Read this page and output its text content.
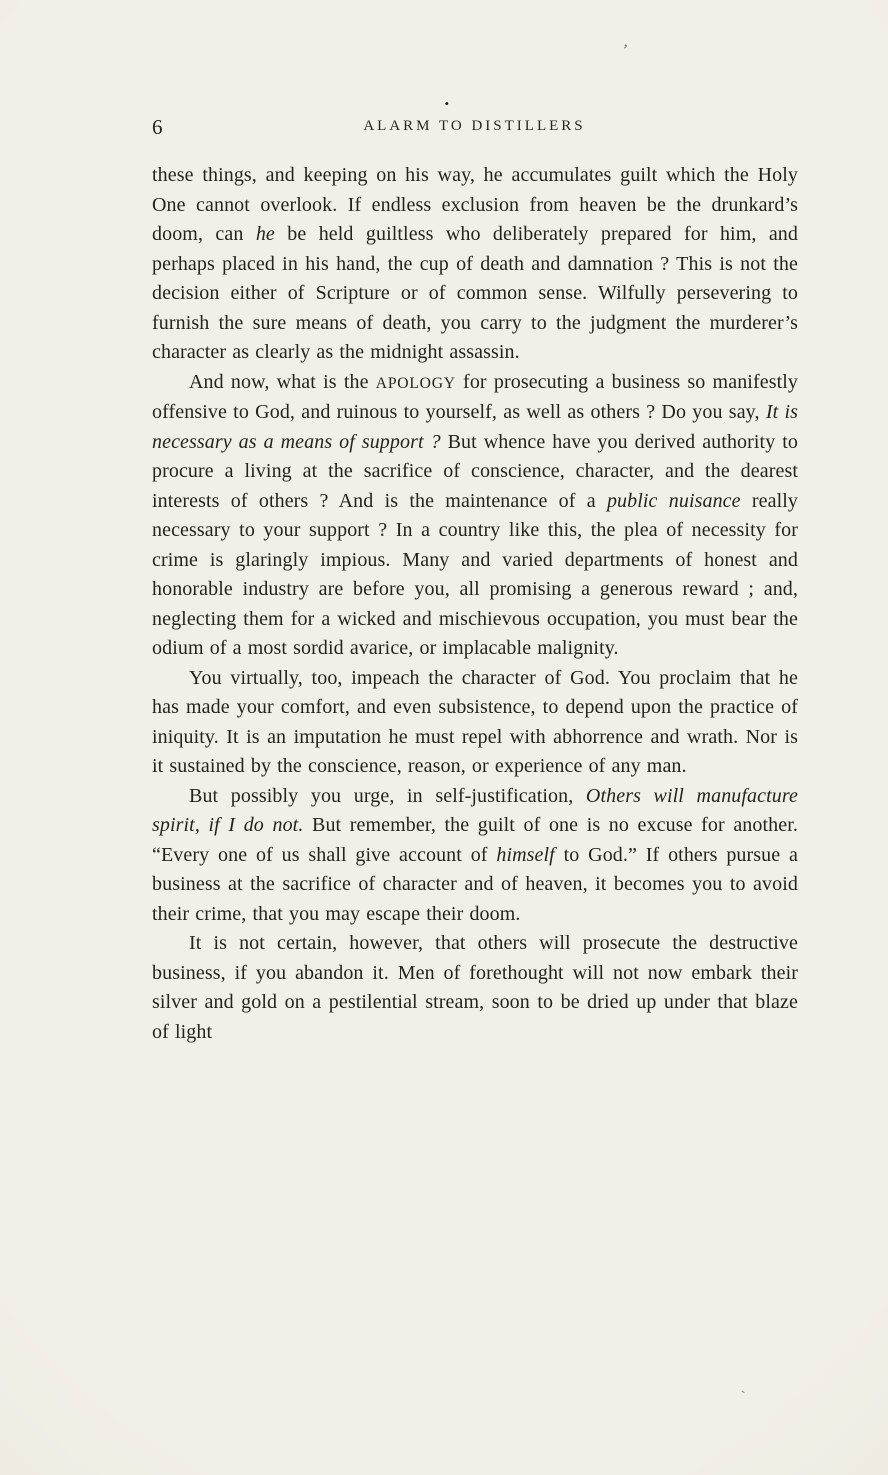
’
•
6	ALARM TO DISTILLERS

these things, and keeping on his way, he accumulates guilt which the Holy One cannot overlook. If endless exclusion from heaven be the drunkard’s doom, can he be held guiltless who deliberately prepared for him, and perhaps placed in his hand, the cup of death and damnation ? This is not the decision either of Scripture or of common sense. Wilfully persevering to furnish the sure means of death, you carry to the judgment the murderer’s character as clearly as the midnight assassin.

And now, what is the APOLOGY for prosecuting a business so manifestly offensive to God, and ruinous to yourself, as well as others ? Do you say, It is necessary as a means of support ? But whence have you derived authority to procure a living at the sacrifice of conscience, character, and the dearest interests of others ? And is the maintenance of a public nuisance really necessary to your support ? In a country like this, the plea of necessity for crime is glaringly impious. Many and varied departments of honest and honorable industry are before you, all promising a generous reward ; and, neglecting them for a wicked and mischievous occupation, you must bear the odium of a most sordid avarice, or implacable malignity.

You virtually, too, impeach the character of God. You proclaim that he has made your comfort, and even subsistence, to depend upon the practice of iniquity. It is an imputation he must repel with abhorrence and wrath. Nor is it sustained by the conscience, reason, or experience of any man.

But possibly you urge, in self-justification, Others will manufacture spirit, if I do not. But remember, the guilt of one is no excuse for another. “Every one of us shall give account of himself to God.” If others pursue a business at the sacrifice of character and of heaven, it becomes you to avoid their crime, that you may escape their doom.

It is not certain, however, that others will prosecute the destructive business, if you abandon it. Men of forethought will not now embark their silver and gold on a pestilential stream, soon to be dried up under that blaze of light

ˏ
